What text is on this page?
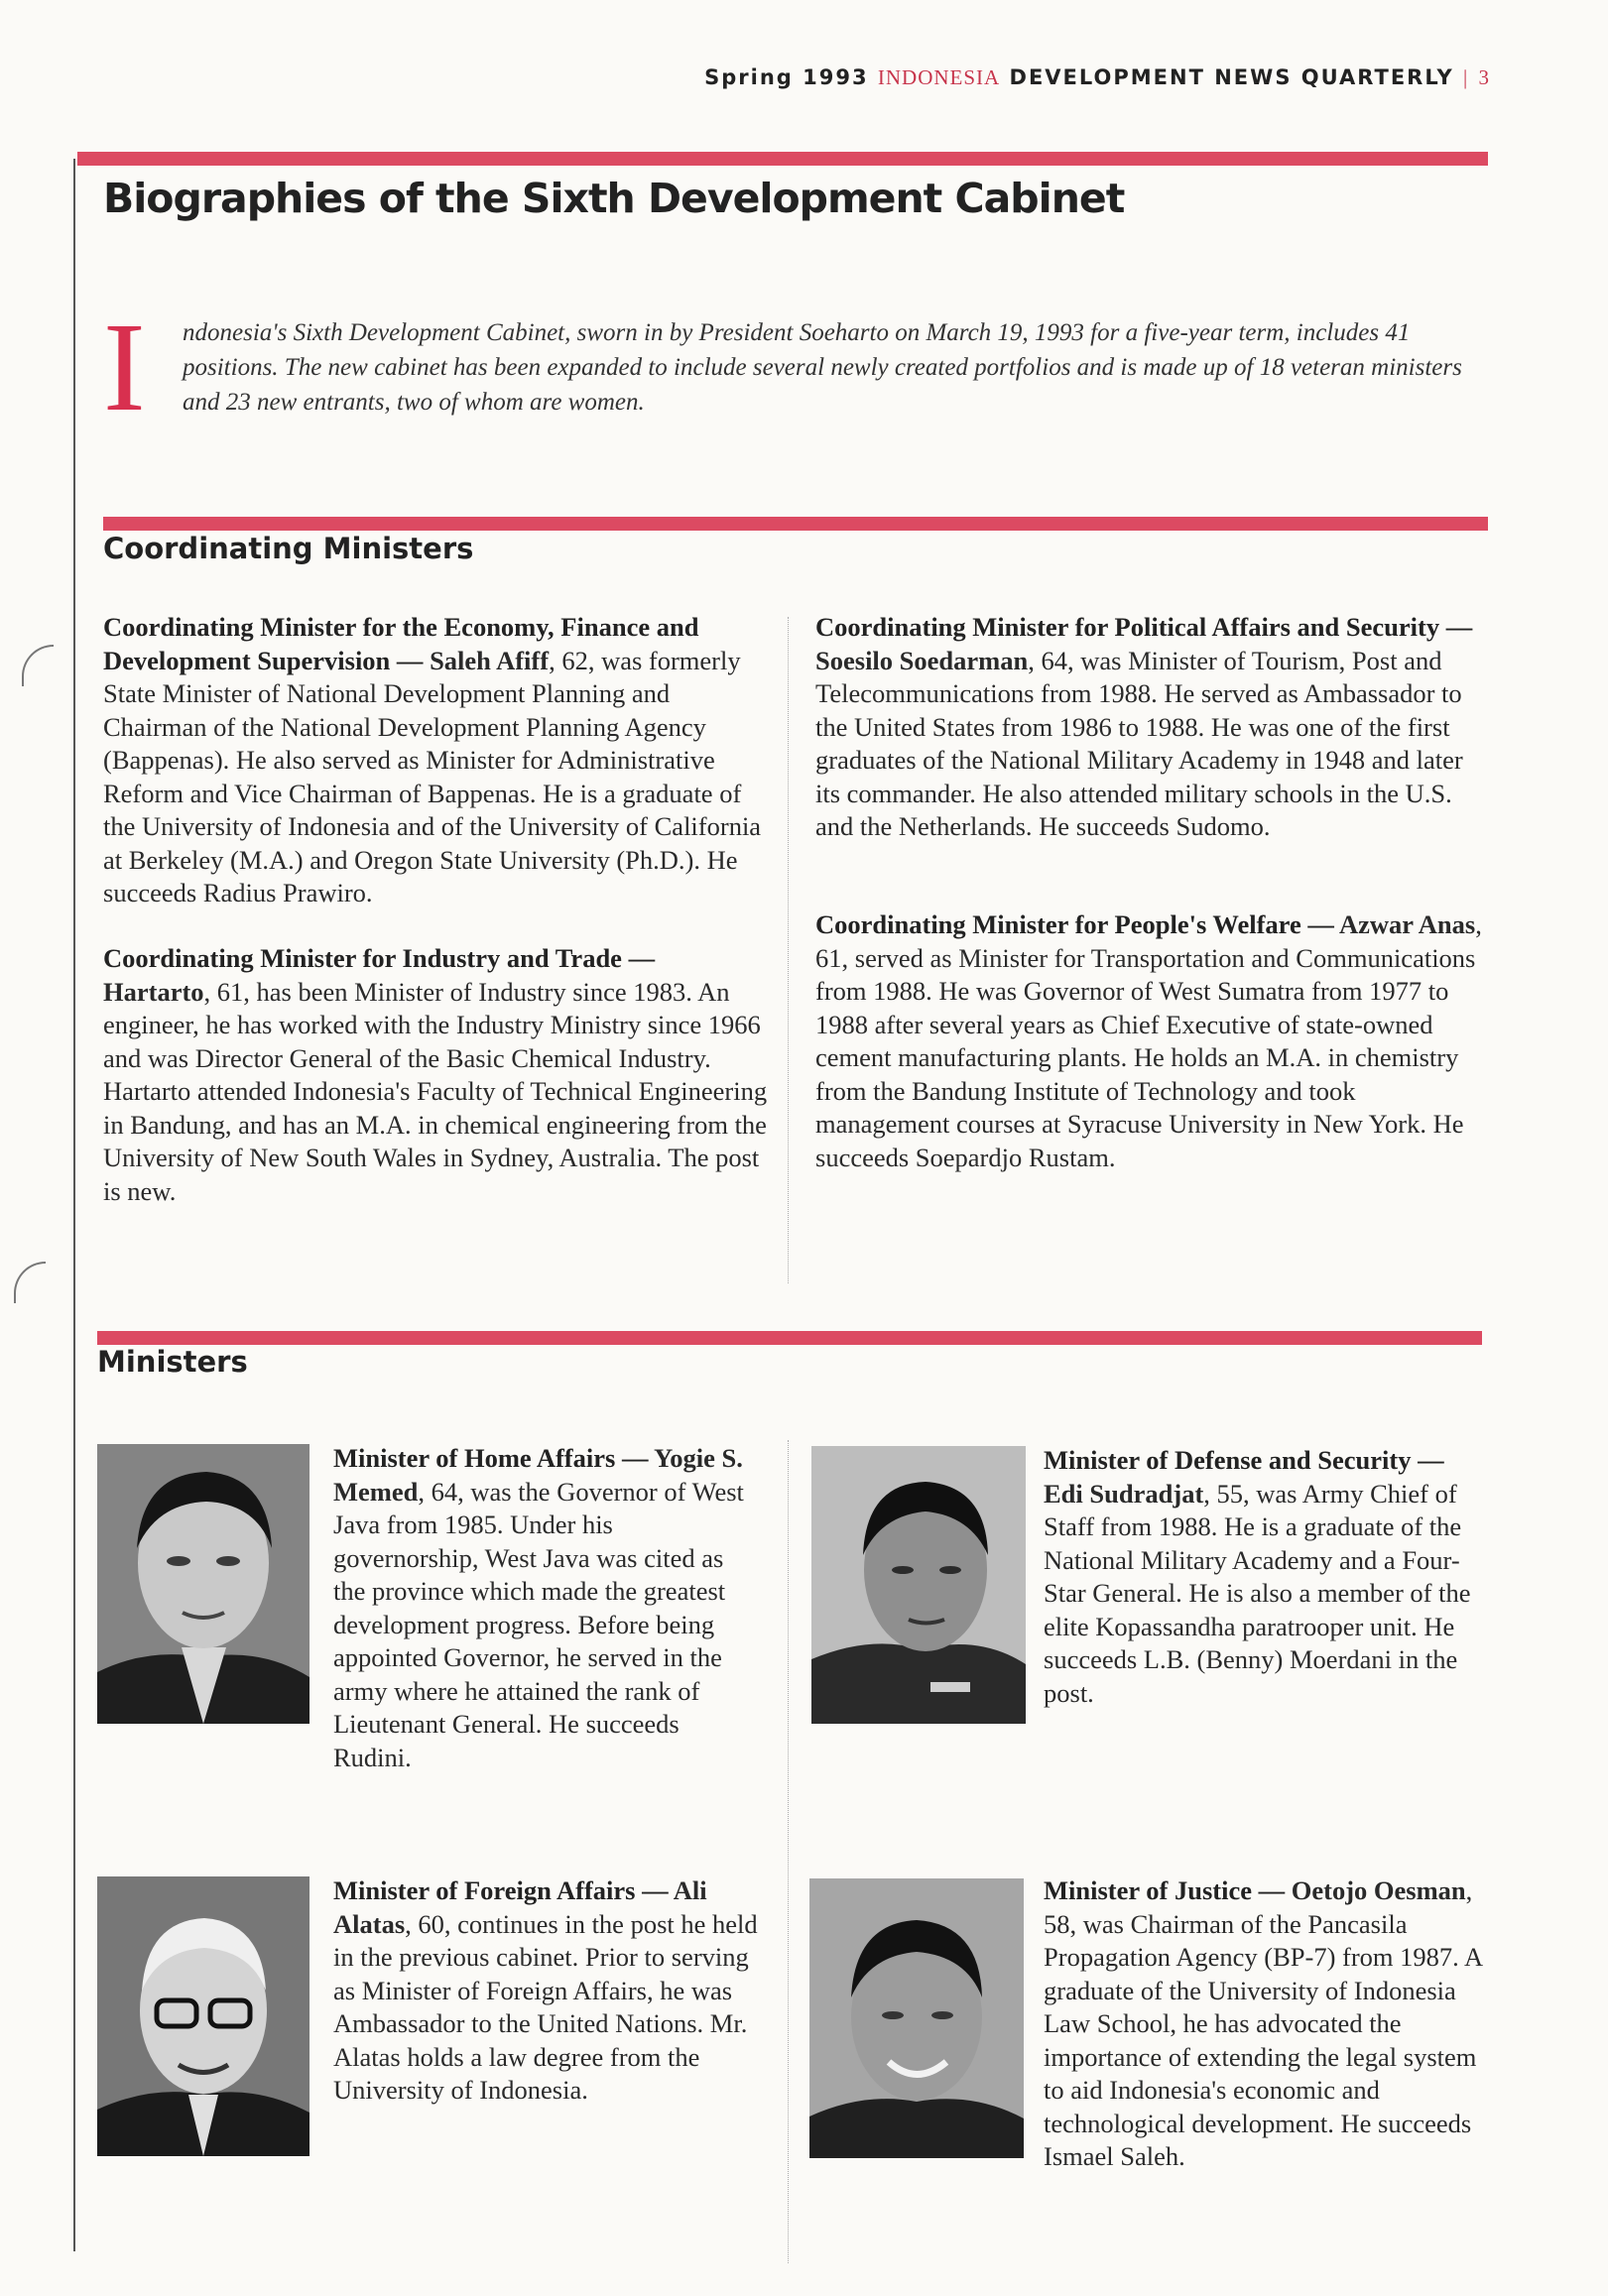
Spring 1993 INDONESIA DEVELOPMENT NEWS QUARTERLY | 3
Biographies of the Sixth Development Cabinet
I ndonesia's Sixth Development Cabinet, sworn in by President Soeharto on March 19, 1993 for a five-year term, includes 41 positions. The new cabinet has been expanded to include several newly created portfolios and is made up of 18 veteran ministers and 23 new entrants, two of whom are women.
Coordinating Ministers
Coordinating Minister for the Economy, Finance and Development Supervision — Saleh Afiff, 62, was formerly State Minister of National Development Planning and Chairman of the National Development Planning Agency (Bappenas). He also served as Minister for Administrative Reform and Vice Chairman of Bappenas. He is a graduate of the University of Indonesia and of the University of California at Berkeley (M.A.) and Oregon State University (Ph.D.). He succeeds Radius Prawiro.
Coordinating Minister for Industry and Trade — Hartarto, 61, has been Minister of Industry since 1983. An engineer, he has worked with the Industry Ministry since 1966 and was Director General of the Basic Chemical Industry. Hartarto attended Indonesia's Faculty of Technical Engineering in Bandung, and has an M.A. in chemical engineering from the University of New South Wales in Sydney, Australia. The post is new.
Coordinating Minister for Political Affairs and Security — Soesilo Soedarman, 64, was Minister of Tourism, Post and Telecommunications from 1988. He served as Ambassador to the United States from 1986 to 1988. He was one of the first graduates of the National Military Academy in 1948 and later its commander. He also attended military schools in the U.S. and the Netherlands. He succeeds Sudomo.
Coordinating Minister for People's Welfare — Azwar Anas, 61, served as Minister for Transportation and Communications from 1988. He was Governor of West Sumatra from 1977 to 1988 after several years as Chief Executive of state-owned cement manufacturing plants. He holds an M.A. in chemistry from the Bandung Institute of Technology and took management courses at Syracuse University in New York. He succeeds Soepardjo Rustam.
Ministers
Minister of Home Affairs — Yogie S. Memed, 64, was the Governor of West Java from 1985. Under his governorship, West Java was cited as the province which made the greatest development progress. Before being appointed Governor, he served in the army where he attained the rank of Lieutenant General. He succeeds Rudini.
Minister of Defense and Security — Edi Sudradjat, 55, was Army Chief of Staff from 1988. He is a graduate of the National Military Academy and a Four-Star General. He is also a member of the elite Kopassandha paratrooper unit. He succeeds L.B. (Benny) Moerdani in the post.
Minister of Foreign Affairs — Ali Alatas, 60, continues in the post he held in the previous cabinet. Prior to serving as Minister of Foreign Affairs, he was Ambassador to the United Nations. Mr. Alatas holds a law degree from the University of Indonesia.
Minister of Justice — Oetojo Oesman, 58, was Chairman of the Pancasila Propagation Agency (BP-7) from 1987. A graduate of the University of Indonesia Law School, he has advocated the importance of extending the legal system to aid Indonesia's economic and technological development. He succeeds Ismael Saleh.
